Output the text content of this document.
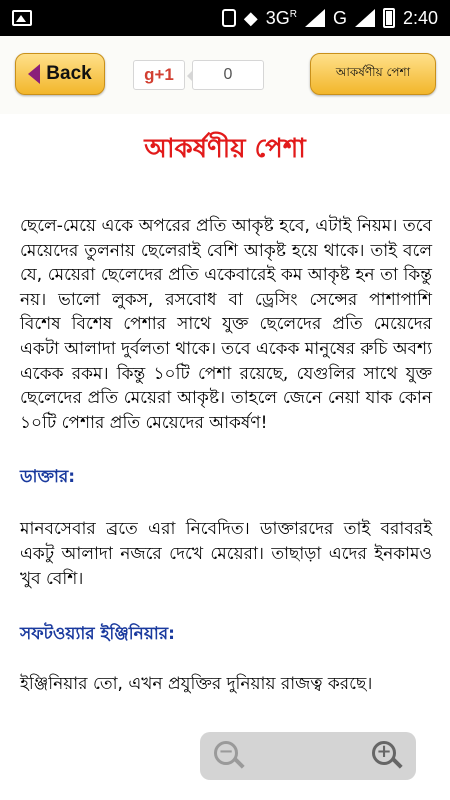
◆ $3G^R$ G	2:40
Back	g+1	0	আকর্ষণীয় পেশা
আকর্ষণীয় পেশা

ছেলে-মেয়ে একে অপরের প্রতি আকৃষ্ট হবে, এটাই নিয়ম। তবে মেয়েদের তুলনায় ছেলেরাই বেশি আকৃষ্ট হয়ে থাকে। তাই বলে যে, মেয়েরা ছেলেদের প্রতি একেবারেই কম আকৃষ্ট হন তা কিন্তু নয়। ভালো লুকস, রসবোধ বা ড্রেসিং সেন্সের পাশাপাশি বিশেষ বিশেষ পেশার সাথে যুক্ত ছেলেদের প্রতি মেয়েদের একটা আলাদা দুর্বলতা থাকে। তবে একেক মানুষের রুচি অবশ্য একেক রকম। কিন্তু ১০টি পেশা রয়েছে, যেগুলির সাথে যুক্ত ছেলেদের প্রতি মেয়েরা আকৃষ্ট। তাহলে জেনে নেয়া যাক কোন ১০টি পেশার প্রতি মেয়েদের আকর্ষণ!

ডাক্তার:

মানবসেবার ব্রতে এরা নিবেদিত। ডাক্তারদের তাই বরাবরই একটু আলাদা নজরে দেখে মেয়েরা। তাছাড়া এদের ইনকামও খুব বেশি।

সফটওয়্যার ইঞ্জিনিয়ার:

ইঞ্জিনিয়ার তো, এখন প্রযুক্তির দুনিয়ায় রাজত্ব করছে।

−	+
